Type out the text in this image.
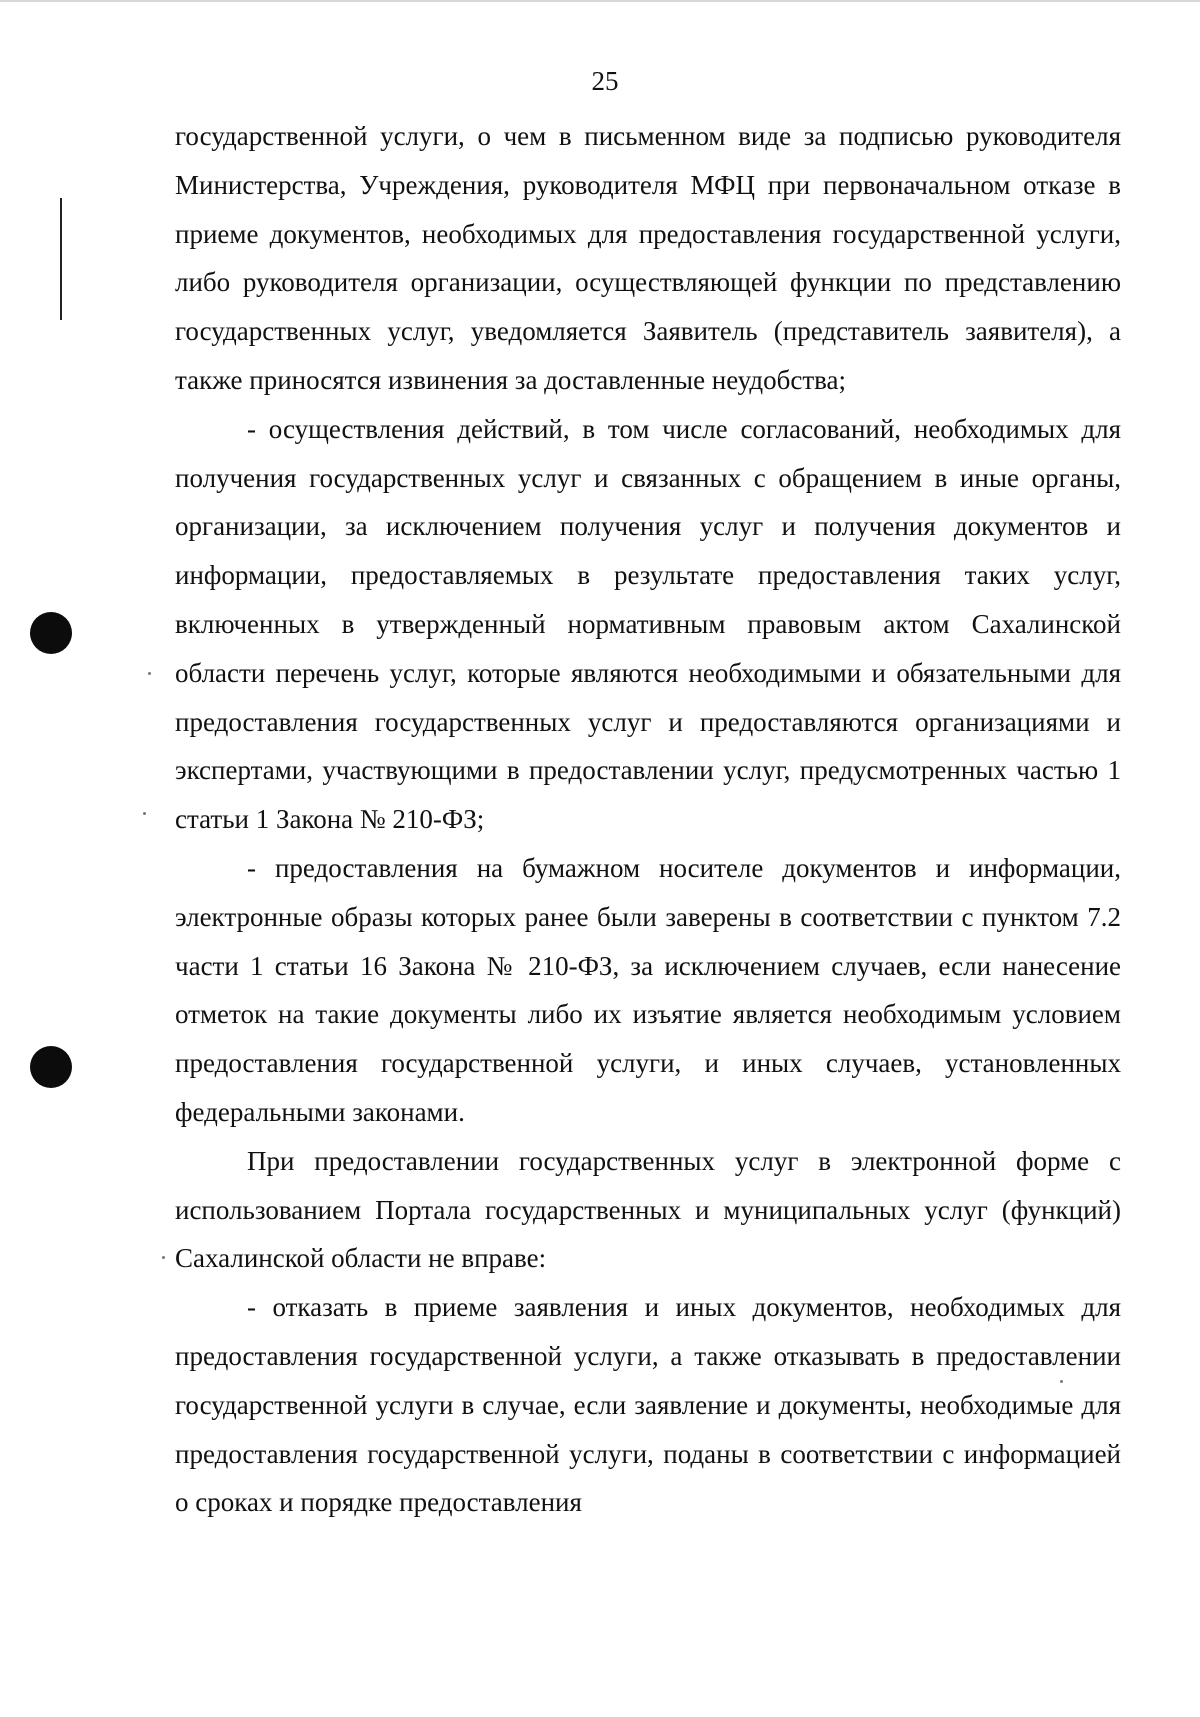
25

государственной услуги, о чем в письменном виде за подписью руководителя Министерства, Учреждения, руководителя МФЦ при первоначальном отказе в приеме документов, необходимых для предоставления государственной услуги, либо руководителя организации, осуществляющей функции по представлению государственных услуг, уведомляется Заявитель (представитель заявителя), а также приносятся извинения за доставленные неудобства;

- осуществления действий, в том числе согласований, необходимых для получения государственных услуг и связанных с обращением в иные органы, организации, за исключением получения услуг и получения документов и информации, предоставляемых в результате предоставления таких услуг, включенных в утвержденный нормативным правовым актом Сахалинской области перечень услуг, которые являются необходимыми и обязательными для предоставления государственных услуг и предоставляются организациями и экспертами, участвующими в предоставлении услуг, предусмотренных частью 1 статьи 1 Закона № 210-ФЗ;

- предоставления на бумажном носителе документов и информации, электронные образы которых ранее были заверены в соответствии с пунктом 7.2 части 1 статьи 16 Закона № 210-ФЗ, за исключением случаев, если нанесение отметок на такие документы либо их изъятие является необходимым условием предоставления государственной услуги, и иных случаев, установленных федеральными законами.

При предоставлении государственных услуг в электронной форме с использованием Портала государственных и муниципальных услуг (функций) Сахалинской области не вправе:

- отказать в приеме заявления и иных документов, необходимых для предоставления государственной услуги, а также отказывать в предоставлении государственной услуги в случае, если заявление и документы, необходимые для предоставления государственной услуги, поданы в соответствии с информацией о сроках и порядке предоставления
